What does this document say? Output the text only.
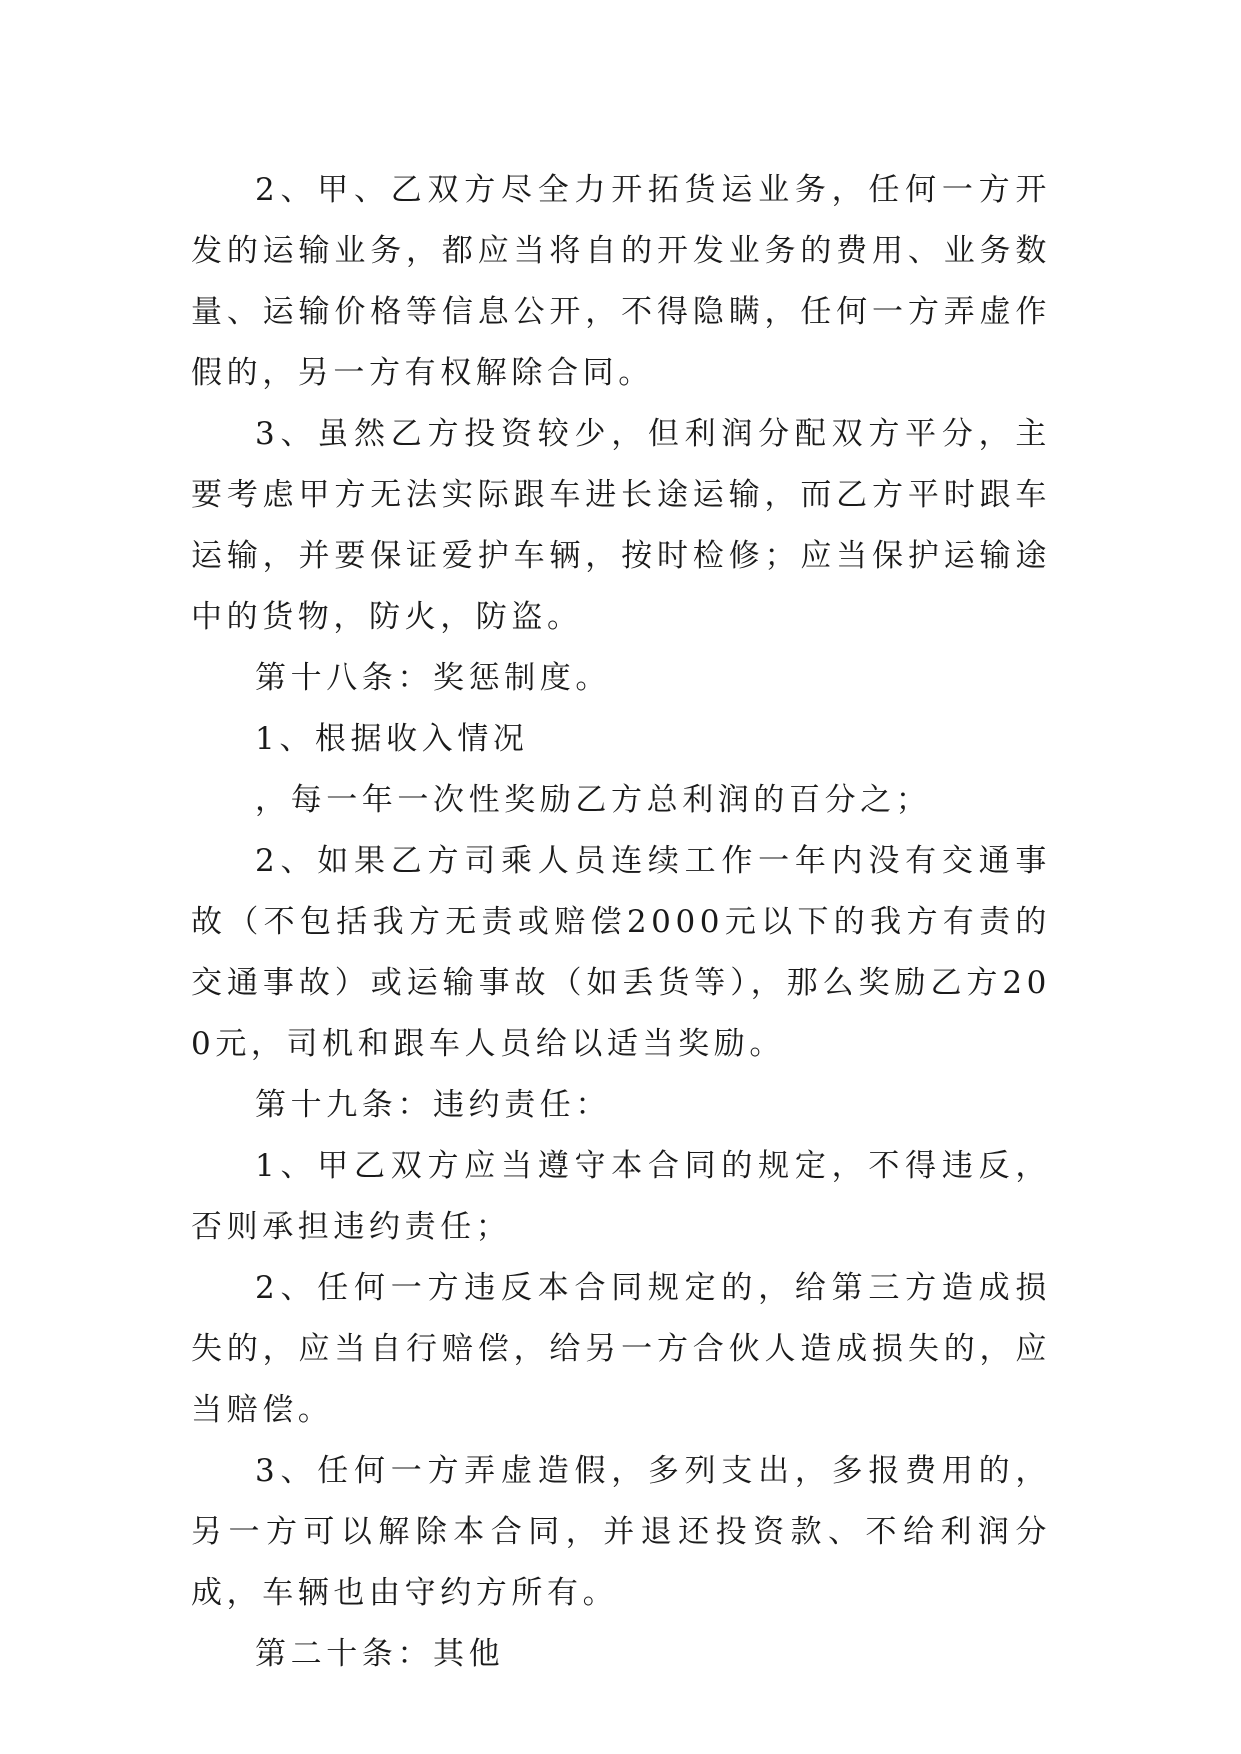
2、甲、乙双方尽全力开拓货运业务，任何一方开发的运输业务，都应当将自的开发业务的费用、业务数量、运输价格等信息公开，不得隐瞒，任何一方弄虚作假的，另一方有权解除合同。

3、虽然乙方投资较少，但利润分配双方平分，主要考虑甲方无法实际跟车进长途运输，而乙方平时跟车运输，并要保证爱护车辆，按时检修；应当保护运输途中的货物，防火，防盗。

第十八条：奖惩制度。

1、根据收入情况

，每一年一次性奖励乙方总利润的百分之；

2、如果乙方司乘人员连续工作一年内没有交通事故（不包括我方无责或赔偿2000元以下的我方有责的交通事故）或运输事故（如丢货等），那么奖励乙方200元，司机和跟车人员给以适当奖励。

第十九条：违约责任：

1、甲乙双方应当遵守本合同的规定，不得违反，否则承担违约责任；

2、任何一方违反本合同规定的，给第三方造成损失的，应当自行赔偿，给另一方合伙人造成损失的，应当赔偿。

3、任何一方弄虚造假，多列支出，多报费用的，另一方可以解除本合同，并退还投资款、不给利润分成，车辆也由守约方所有。

第二十条：其他
